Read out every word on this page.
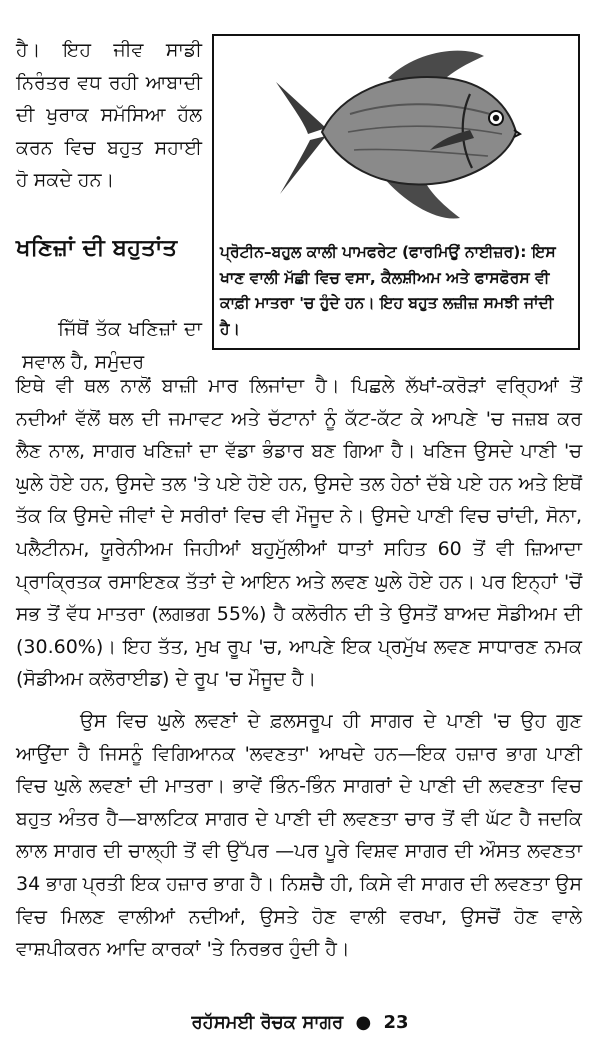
ਹੈ। ਇਹ ਜੀਵ ਸਾਡੀ ਨਿਰੰਤਰ ਵਧ ਰਹੀ ਆਬਾਦੀ ਦੀ ਖੁਰਾਕ ਸਮੱਸਿਆ ਹੱਲ ਕਰਨ ਵਿਚ ਬਹੁਤ ਸਹਾਈ ਹੋ ਸਕਦੇ ਹਨ।
ਖਣਿਜ਼ਾਂ ਦੀ ਬਹੁਤਾਂਤ
ਜਿੱਥੋਂ ਤੱਕ ਖਣਿਜ਼ਾਂ ਦਾ ਸਵਾਲ ਹੈ, ਸਮੁੰਦਰ
ਪ੍ਰੋਟੀਨ–ਬਹੁਲ ਕਾਲੀ ਪਾਮਫਰੇਟ (ਫਾਰਮਿਉਂ ਨਾਈਜ਼ਰ): ਇਸ ਖਾਣ ਵਾਲੀ ਮੱਛੀ ਵਿਚ ਵਸਾ, ਕੈਲਸ਼ੀਅਮ ਅਤੇ ਫਾਸਫੋਰਸ ਵੀ ਕਾਫ਼ੀ ਮਾਤਰਾ 'ਚ ਹੁੰਦੇ ਹਨ। ਇਹ ਬਹੁਤ ਲਜ਼ੀਜ਼ ਸਮਝੀ ਜਾਂਦੀ ਹੈ।
ਇਥੇ ਵੀ ਥਲ ਨਾਲੋਂ ਬਾਜ਼ੀ ਮਾਰ ਲਿਜਾਂਦਾ ਹੈ। ਪਿਛਲੇ ਲੱਖਾਂ-ਕਰੋੜਾਂ ਵਰ੍ਹਿਆਂ ਤੋਂ ਨਦੀਆਂ ਵੱਲੋਂ ਥਲ ਦੀ ਜਮਾਵਟ ਅਤੇ ਚੱਟਾਨਾਂ ਨੂੰ ਕੱਟ-ਕੱਟ ਕੇ ਆਪਣੇ 'ਚ ਜਜ਼ਬ ਕਰ ਲੈਣ ਨਾਲ, ਸਾਗਰ ਖਣਿਜ਼ਾਂ ਦਾ ਵੱਡਾ ਭੰਡਾਰ ਬਣ ਗਿਆ ਹੈ। ਖਣਿਜ ਉਸਦੇ ਪਾਣੀ 'ਚ ਘੁਲੇ ਹੋਏ ਹਨ, ਉਸਦੇ ਤਲ 'ਤੇ ਪਏ ਹੋਏ ਹਨ, ਉਸਦੇ ਤਲ ਹੇਠਾਂ ਦੱਬੇ ਪਏ ਹਨ ਅਤੇ ਇਥੋਂ ਤੱਕ ਕਿ ਉਸਦੇ ਜੀਵਾਂ ਦੇ ਸਰੀਰਾਂ ਵਿਚ ਵੀ ਮੌਜੂਦ ਨੇ। ਉਸਦੇ ਪਾਣੀ ਵਿਚ ਚਾਂਦੀ, ਸੋਨਾ, ਪਲੈਟੀਨਮ, ਯੂਰੇਨੀਅਮ ਜਿਹੀਆਂ ਬਹੁਮੁੱਲੀਆਂ ਧਾਤਾਂ ਸਹਿਤ 60 ਤੋਂ ਵੀ ਜ਼ਿਆਦਾ ਪ੍ਰਾਕ੍ਰਿਤਕ ਰਸਾਇਣਕ ਤੱਤਾਂ ਦੇ ਆਇਨ ਅਤੇ ਲਵਣ ਘੁਲੇ ਹੋਏ ਹਨ। ਪਰ ਇਨ੍ਹਾਂ 'ਚੋਂ ਸਭ ਤੋਂ ਵੱਧ ਮਾਤਰਾ (ਲਗਭਗ 55%) ਹੈ ਕਲੋਰੀਨ ਦੀ ਤੇ ਉਸਤੋਂ ਬਾਅਦ ਸੋਡੀਅਮ ਦੀ (30.60%)। ਇਹ ਤੱਤ, ਮੁਖ ਰੂਪ 'ਚ, ਆਪਣੇ ਇਕ ਪ੍ਰਮੁੱਖ ਲਵਣ ਸਾਧਾਰਣ ਨਮਕ (ਸੋਡੀਅਮ ਕਲੋਰਾਈਡ) ਦੇ ਰੂਪ 'ਚ ਮੌਜੂਦ ਹੈ।
ਉਸ ਵਿਚ ਘੁਲੇ ਲਵਣਾਂ ਦੇ ਫ਼ਲਸਰੂਪ ਹੀ ਸਾਗਰ ਦੇ ਪਾਣੀ 'ਚ ਉਹ ਗੁਣ ਆਉਂਦਾ ਹੈ ਜਿਸਨੂੰ ਵਿਗਿਆਨਕ 'ਲਵਣਤਾ' ਆਖਦੇ ਹਨ—ਇਕ ਹਜ਼ਾਰ ਭਾਗ ਪਾਣੀ ਵਿਚ ਘੁਲੇ ਲਵਣਾਂ ਦੀ ਮਾਤਰਾ। ਭਾਵੇਂ ਭਿੰਨ-ਭਿੰਨ ਸਾਗਰਾਂ ਦੇ ਪਾਣੀ ਦੀ ਲਵਣਤਾ ਵਿਚ ਬਹੁਤ ਅੰਤਰ ਹੈ—ਬਾਲਟਿਕ ਸਾਗਰ ਦੇ ਪਾਣੀ ਦੀ ਲਵਣਤਾ ਚਾਰ ਤੋਂ ਵੀ ਘੱਟ ਹੈ ਜਦਕਿ ਲਾਲ ਸਾਗਰ ਦੀ ਚਾਲ੍ਹੀ ਤੋਂ ਵੀ ਉੱਪਰ —ਪਰ ਪੂਰੇ ਵਿਸ਼ਵ ਸਾਗਰ ਦੀ ਔਸਤ ਲਵਣਤਾ 34 ਭਾਗ ਪ੍ਰਤੀ ਇਕ ਹਜ਼ਾਰ ਭਾਗ ਹੈ। ਨਿਸ਼ਚੈ ਹੀ, ਕਿਸੇ ਵੀ ਸਾਗਰ ਦੀ ਲਵਣਤਾ ਉਸ ਵਿਚ ਮਿਲਣ ਵਾਲੀਆਂ ਨਦੀਆਂ, ਉਸਤੇ ਹੋਣ ਵਾਲੀ ਵਰਖਾ, ਉਸਚੋਂ ਹੋਣ ਵਾਲੇ ਵਾਸ਼ਪੀਕਰਨ ਆਦਿ ਕਾਰਕਾਂ 'ਤੇ ਨਿਰਭਰ ਹੁੰਦੀ ਹੈ।
ਰਹੱਸਮਈ ਰੋਚਕ ਸਾਗਰ ● 23
